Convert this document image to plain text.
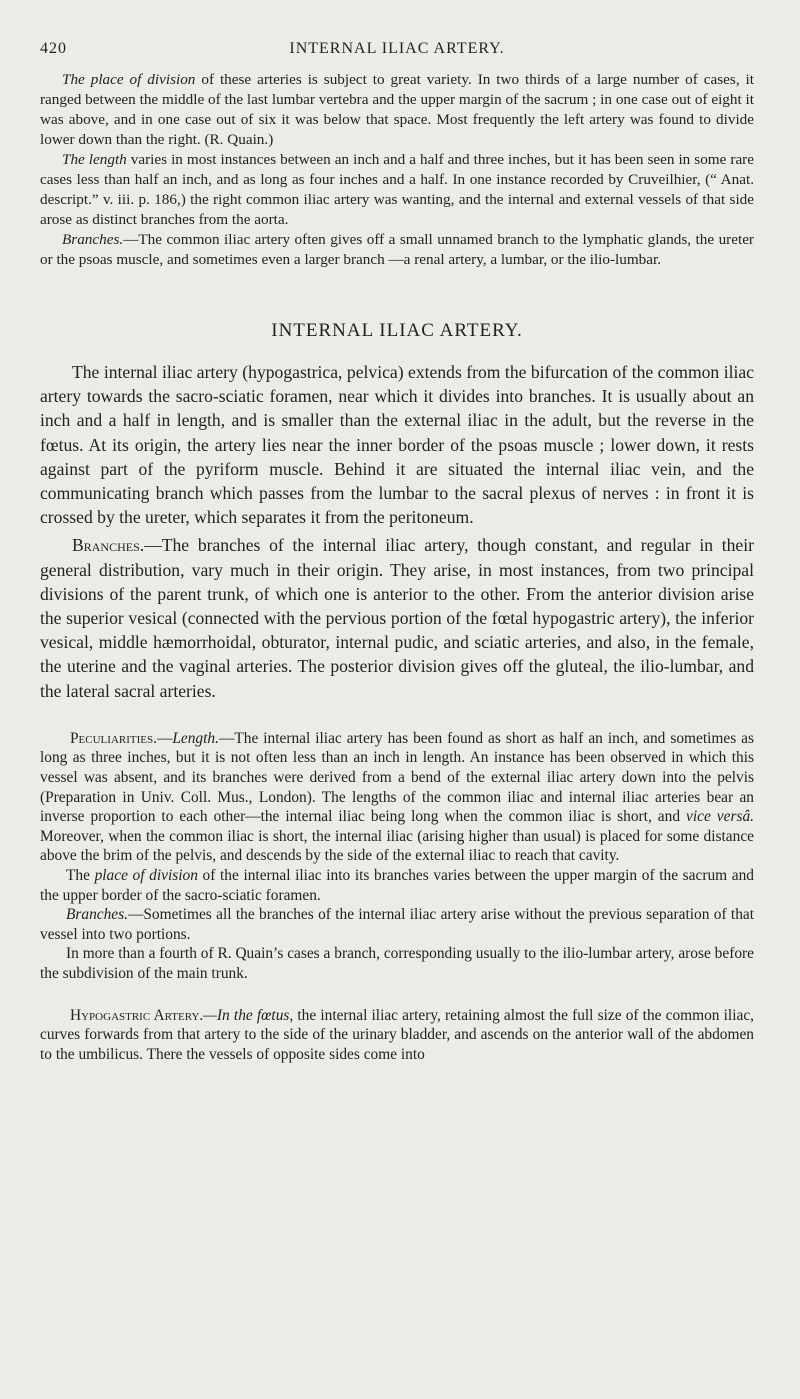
420	INTERNAL ILIAC ARTERY.

The place of division of these arteries is subject to great variety. In two thirds of a large number of cases, it ranged between the middle of the last lumbar vertebra and the upper margin of the sacrum ; in one case out of eight it was above, and in one case out of six it was below that space. Most frequently the left artery was found to divide lower down than the right. (R. Quain.)

The length varies in most instances between an inch and a half and three inches, but it has been seen in some rare cases less than half an inch, and as long as four inches and a half. In one instance recorded by Cruveilhier, (“ Anat. descript.” v. iii. p. 186,) the right common iliac artery was wanting, and the internal and external vessels of that side arose as distinct branches from the aorta.

Branches.—The common iliac artery often gives off a small unnamed branch to the lymphatic glands, the ureter or the psoas muscle, and sometimes even a larger branch —a renal artery, a lumbar, or the ilio-lumbar.

INTERNAL ILIAC ARTERY.

The internal iliac artery (hypogastrica, pelvica) extends from the bifurcation of the common iliac artery towards the sacro-sciatic foramen, near which it divides into branches. It is usually about an inch and a half in length, and is smaller than the external iliac in the adult, but the reverse in the fœtus. At its origin, the artery lies near the inner border of the psoas muscle ; lower down, it rests against part of the pyriform muscle. Behind it are situated the internal iliac vein, and the communicating branch which passes from the lumbar to the sacral plexus of nerves : in front it is crossed by the ureter, which separates it from the peritoneum.

Branches.—The branches of the internal iliac artery, though constant, and regular in their general distribution, vary much in their origin. They arise, in most instances, from two principal divisions of the parent trunk, of which one is anterior to the other. From the anterior division arise the superior vesical (connected with the pervious portion of the fœtal hypogastric artery), the inferior vesical, middle hæmorrhoidal, obturator, internal pudic, and sciatic arteries, and also, in the female, the uterine and the vaginal arteries. The posterior division gives off the gluteal, the ilio-lumbar, and the lateral sacral arteries.

Peculiarities.—Length.—The internal iliac artery has been found as short as half an inch, and sometimes as long as three inches, but it is not often less than an inch in length. An instance has been observed in which this vessel was absent, and its branches were derived from a bend of the external iliac artery down into the pelvis (Preparation in Univ. Coll. Mus., London). The lengths of the common iliac and internal iliac arteries bear an inverse proportion to each other—the internal iliac being long when the common iliac is short, and vice versâ. Moreover, when the common iliac is short, the internal iliac (arising higher than usual) is placed for some distance above the brim of the pelvis, and descends by the side of the external iliac to reach that cavity.

The place of division of the internal iliac into its branches varies between the upper margin of the sacrum and the upper border of the sacro-sciatic foramen.

Branches.—Sometimes all the branches of the internal iliac artery arise without the previous separation of that vessel into two portions.

In more than a fourth of R. Quain’s cases a branch, corresponding usually to the ilio-lumbar artery, arose before the subdivision of the main trunk.

Hypogastric Artery.—In the fœtus, the internal iliac artery, retaining almost the full size of the common iliac, curves forwards from that artery to the side of the urinary bladder, and ascends on the anterior wall of the abdomen to the umbilicus. There the vessels of opposite sides come into
